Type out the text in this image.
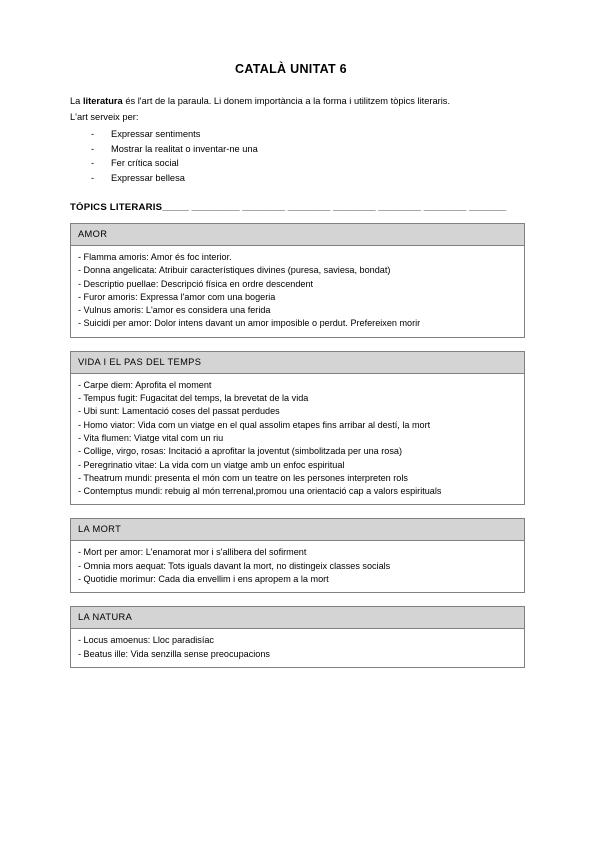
CATALÀ UNITAT 6

La literatura és l'art de la paraula. Li donem importància a la forma i utilitzem tòpics literaris.
L'art serveix per:

- Expressar sentiments
- Mostrar la realitat o inventar-ne una
- Fer crítica social
- Expressar bellesa
TÒPICS LITERARIS_____ _________ ________ ________ ________ ________ ________ _______
AMOR
- Flamma amoris: Amor és foc interior.
- Donna angelicata: Atribuir característiques divines (puresa, saviesa, bondat)
- Descriptio puellae: Descripció física en ordre descendent
- Furor amoris: Expressa l'amor com una bogeria
- Vulnus amoris: L'amor es considera una ferida
- Suicidi per amor: Dolor intens davant un amor imposible o perdut. Prefereixen morir
VIDA I EL PAS DEL TEMPS
- Carpe diem: Aprofita el moment
- Tempus fugit: Fugacitat del temps, la brevetat de la vida
- Ubi sunt: Lamentació coses del passat perdudes
- Homo viator: Vida com un viatge en el qual assolim etapes fins arribar al destí, la mort
- Vita flumen: Viatge vital com un riu
- Collige, virgo, rosas: Incitació a aprofitar la joventut (simbolitzada per una rosa)
- Peregrinatio vitae: La vida com un viatge amb un enfoc espiritual
- Theatrum mundi: presenta el món com un teatre on les persones interpreten rols
- Contemptus mundi: rebuig al món terrenal,promou una orientació cap a valors espirituals
LA MORT
- Mort per amor: L'enamorat mor i s'allibera del sofirment
- Omnia mors aequat: Tots iguals davant la mort, no distingeix classes socials
- Quotidie morimur: Cada dia envellim i ens apropem a la mort
LA NATURA
- Locus amoenus: Lloc paradisíac
- Beatus ille: Vida senzilla sense preocupacions
